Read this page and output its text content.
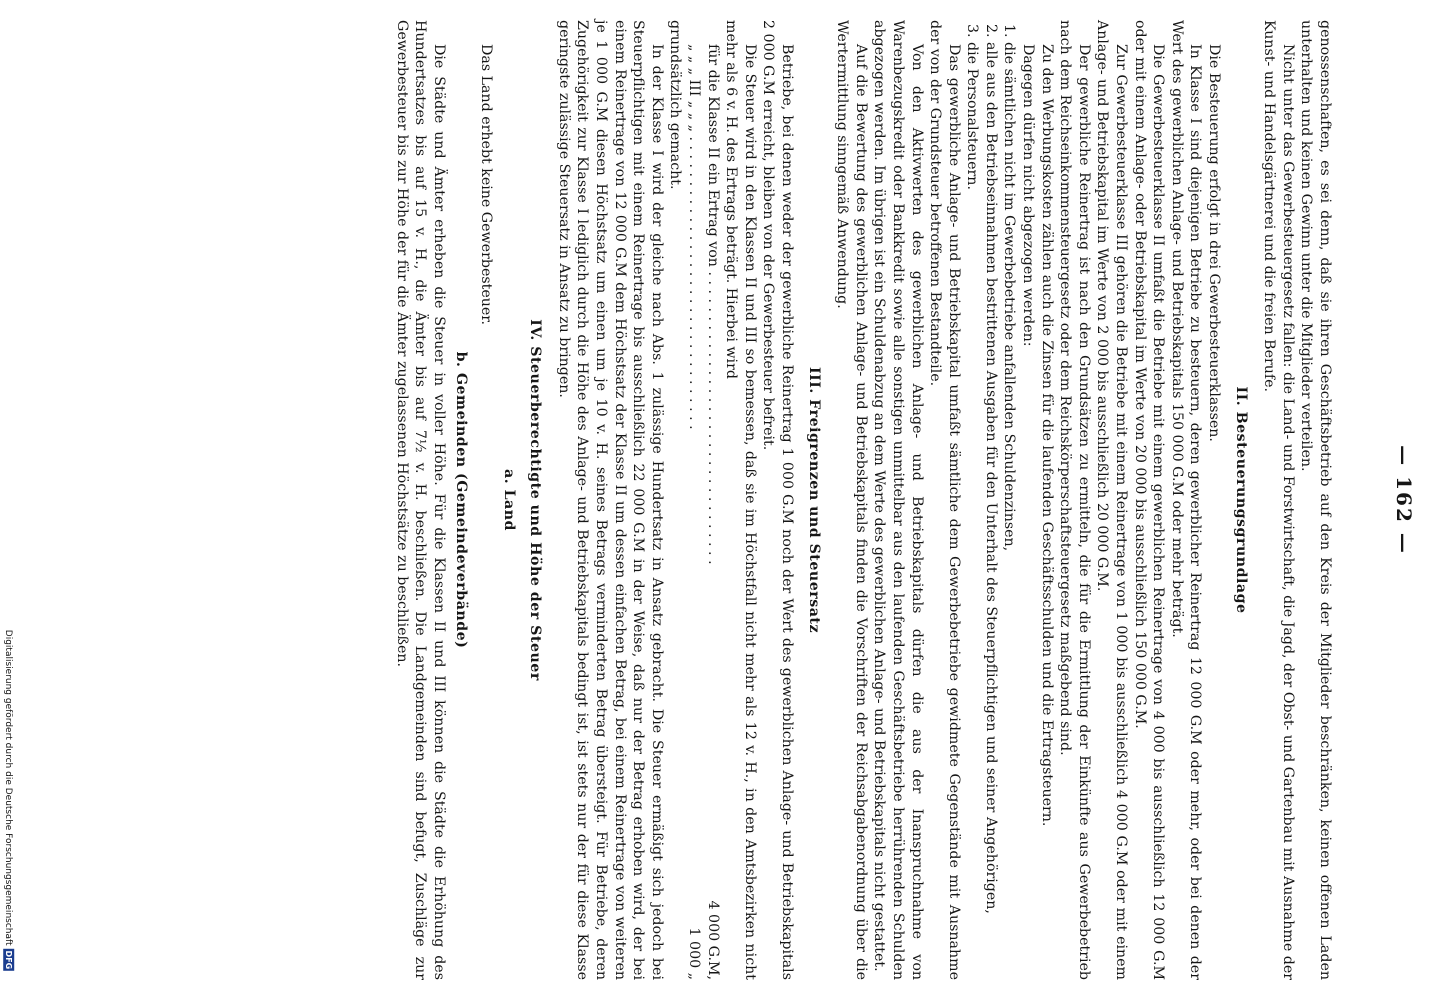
— 162 —
genossenschaften, es sei denn, daß sie ihren Geschäftsbetrieb auf den Kreis der Mitglieder beschränken, keinen offenen Laden unterhalten und keinen Gewinn unter die Mitglieder verteilen.
Nicht unter das Gewerbesteuergesetz fallen: die Land- und Forstwirtschaft, die Jagd, der Obst- und Gartenbau mit Ausnahme der Kunst- und Handelsgärtnerei und die freien Berufe.
II. Besteuerungsgrundlage
Die Besteuerung erfolgt in drei Gewerbesteuerklassen.
In Klasse I sind diejenigen Betriebe zu besteuern, deren gewerblicher Reinertrag 12 000 G.M oder mehr, oder bei denen der Wert des gewerblichen Anlage- und Betriebskapitals 150 000 G.M oder mehr beträgt.
Die Gewerbesteuerklasse II umfaßt die Betriebe mit einem gewerblichen Reinertrage von 4 000 bis ausschließlich 12 000 G.M oder mit einem Anlage- oder Betriebskapital im Werte von 20 000 bis ausschließlich 150 000 G.M.
Zur Gewerbesteuerklasse III gehören die Betriebe mit einem Reinertrage von 1 000 bis ausschließlich 4 000 G.M oder mit einem Anlage- und Betriebskapital im Werte von 2 000 bis ausschließlich 20 000 G.M.
Der gewerbliche Reinertrag ist nach den Grundsätzen zu ermitteln, die für die Ermittlung der Einkünfte aus Gewerbebetrieb nach dem Reichseinkommensteuergesetz oder dem Reichskörperschaftsteuergesetz maßgebend sind.
Zu den Werbungskosten zählen auch die Zinsen für die laufenden Geschäftsschulden und die Ertragsteuern.
Dagegen dürfen nicht abgezogen werden:
1. die sämtlichen nicht im Gewerbebetriebe anfallenden Schuldenzinsen,
2. alle aus den Betriebseinnahmen bestrittenen Ausgaben für den Unterhalt des Steuerpflichtigen und seiner Angehörigen,
3. die Personalsteuern.
Das gewerbliche Anlage- und Betriebskapital umfaßt sämtliche dem Gewerbebetriebe gewidmete Gegenstände mit Ausnahme der von der Grundsteuer betroffenen Bestandteile.
Von den Aktivwerten des gewerblichen Anlage- und Betriebskapitals dürfen die aus der Inanspruchnahme von Warenbezugskredit oder Bankkredit sowie alle sonstigen unmittelbar aus den laufenden Geschäftsbetriebe herrührenden Schulden abgezogen werden. Im übrigen ist ein Schuldenabzug an dem Werte des gewerblichen Anlage- und Betriebskapitals nicht gestattet.
Auf die Bewertung des gewerblichen Anlage- und Betriebskapitals finden die Vorschriften der Reichsabgabenordnung über die Wertermittlung sinngemäß Anwendung.
III. Freigrenzen und Steuersatz
Betriebe, bei denen weder der gewerbliche Reinertrag 1 000 G.M noch der Wert des gewerblichen Anlage- und Betriebskapitals 2 000 G.M erreicht, bleiben von der Gewerbesteuer befreit.
Die Steuer wird in den Klassen II und III so bemessen, daß sie im Höchstfall nicht mehr als 12 v. H., in den Amtsbezirken nicht mehr als 6 v. H. des Ertrags beträgt. Hierbei wird
für die Klasse II ein Ertrag von . . . . . . . . . . . . . . . . . . . . . . . . . . . . . . . . .
4 000 G.M,
„ „ „ III „ „ „ . . . . . . . . . . . . . . . . . . . . . . . . . . . . . . . . .
1 000 „
grundsätzlich gemacht.
In der Klasse I wird der gleiche nach Abs. 1 zulässige Hundertsatz in Ansatz gebracht. Die Steuer ermäßigt sich jedoch bei Steuerpflichtigen mit einem Reinertrage bis ausschließlich 22 000 G.M in der Weise, daß nur der Betrag erhoben wird, der bei einem Reinertrage von 12 000 G.M dem Höchstsatz der Klasse II um dessen einfachen Betrag, bei einem Reinertrage von weiteren je 1 000 G.M diesen Höchstsatz um einen um je 10 v. H. seines Betrags verminderten Betrag übersteigt. Für Betriebe, deren Zugehörigkeit zur Klasse I lediglich durch die Höhe des Anlage- und Betriebskapitals bedingt ist, ist stets nur der für diese Klasse geringste zulässige Steuersatz in Ansatz zu bringen.
IV. Steuerberechtigte und Höhe der Steuer
a. Land
Das Land erhebt keine Gewerbesteuer.
b. Gemeinden (Gemeindeverbände)
Die Städte und Ämter erheben die Steuer in voller Höhe. Für die Klassen II und III können die Städte die Erhöhung des Hundertsatzes bis auf 15 v. H., die Ämter bis auf 7½ v. H. beschließen. Die Landgemeinden sind befugt, Zuschläge zur Gewerbesteuer bis zur Höhe der für die Ämter zugelassenen Höchstsätze zu beschließen.
Digitalisierung gefördert durch die Deutsche Forschungsgemeinschaft
DFG
